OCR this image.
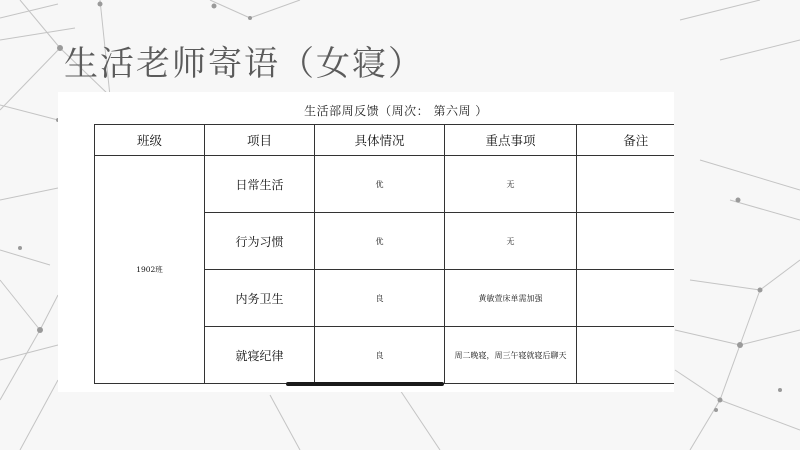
生活老师寄语（女寝）
生活部周反馈（周次： 第六周 ）
班级	项目	具体情况	重点事项	备注
1902班	日常生活	优	无	
	行为习惯	优	无	
	内务卫生	良	黄敏萱床单需加强	
	就寝纪律	良	周二晚寝，周三午寝就寝后聊天	
